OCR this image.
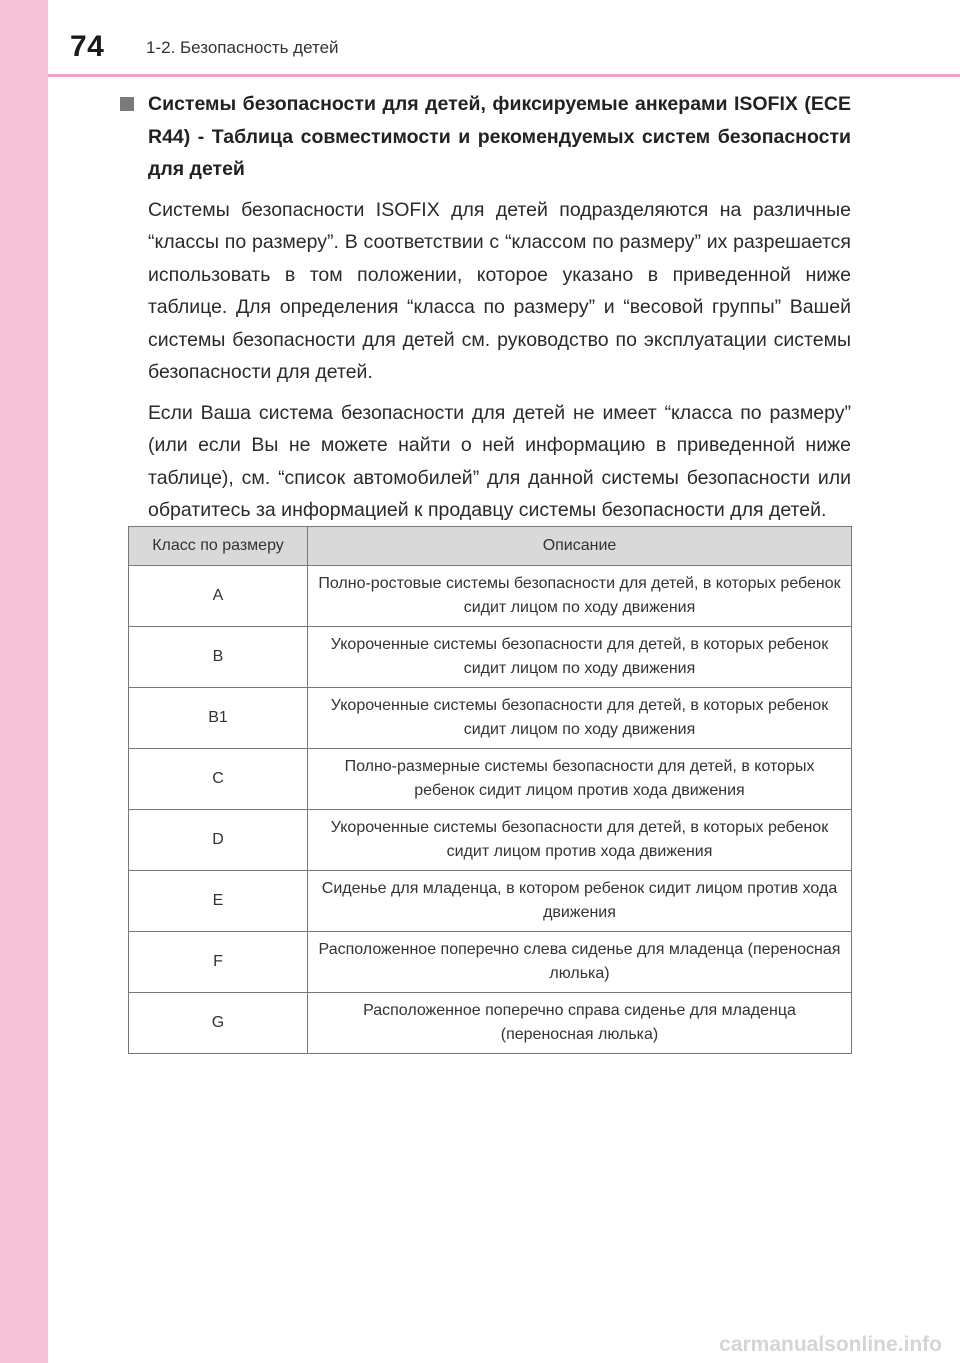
74 1-2. Безопасность детей
Системы безопасности для детей, фиксируемые анкерами ISOFIX (ECE R44) - Таблица совместимости и рекомендуемых систем безопасности для детей

Системы безопасности ISOFIX для детей подразделяются на различные “классы по размеру”. В соответствии с “классом по размеру” их разрешается использовать в том положении, которое указано в приведенной ниже таблице. Для определения “класса по размеру” и “весовой группы” Вашей системы безопасности для детей см. руководство по эксплуатации системы безопасности для детей.

Если Ваша система безопасности для детей не имеет “класса по размеру” (или если Вы не можете найти о ней информацию в приведенной ниже таблице), см. “список автомобилей” для данной системы безопасности или обратитесь за информацией к продавцу системы безопасности для детей.

Класс по размеру	Описание
A	Полно-ростовые системы безопасности для детей, в которых ребенок сидит лицом по ходу движения
B	Укороченные системы безопасности для детей, в которых ребенок сидит лицом по ходу движения
B1	Укороченные системы безопасности для детей, в которых ребенок сидит лицом по ходу движения
C	Полно-размерные системы безопасности для детей, в которых ребенок сидит лицом против хода движения
D	Укороченные системы безопасности для детей, в которых ребенок сидит лицом против хода движения
E	Сиденье для младенца, в котором ребенок сидит лицом против хода движения
F	Расположенное поперечно слева сиденье для младенца (переносная люлька)
G	Расположенное поперечно справа сиденье для младенца (переносная люлька)
carmanualsonline.info
